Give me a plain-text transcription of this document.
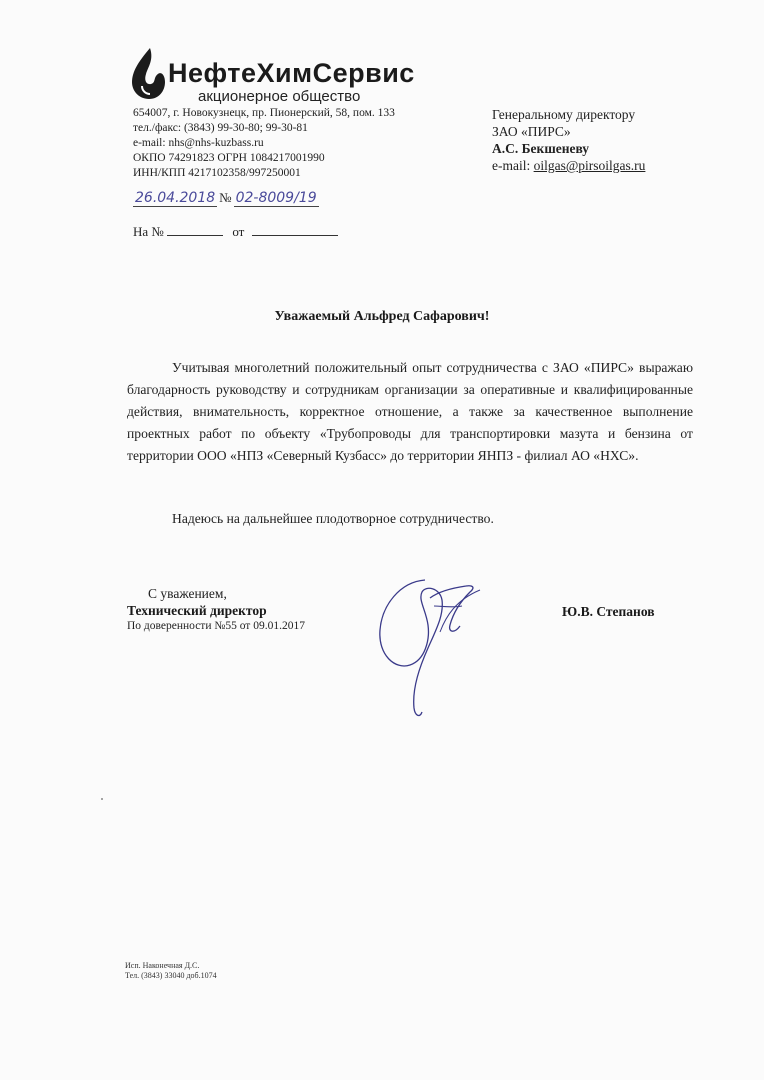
НефтеХимСервис
акционерное общество
654007, г. Новокузнецк, пр. Пионерский, 58, пом. 133
тел./факс: (3843) 99-30-80; 99-30-81
e-mail: nhs@nhs-kuzbass.ru
ОКПО 74291823 ОГРН 1084217001990
ИНН/КПП 4217102358/997250001
Генеральному директору
ЗАО «ПИРС»
А.С. Бекшеневу
e-mail: oilgas@pirsoilgas.ru
26.04.2018 № 02-8009/19
На №	от
Уважаемый Альфред Сафарович!
Учитывая многолетний положительный опыт сотрудничества с ЗАО «ПИРС» выражаю благодарность руководству и сотрудникам организации за оперативные и квалифицированные действия, внимательность, корректное отношение, а также за качественное выполнение проектных работ по объекту «Трубопроводы для транспортировки мазута и бензина от территории ООО «НПЗ «Северный Кузбасс» до территории ЯНПЗ - филиал АО «НХС».
Надеюсь на дальнейшее плодотворное сотрудничество.
С уважением,
Технический директор
По доверенности №55 от 09.01.2017
Ю.В. Степанов
Исп. Наконечная Д.С.
Тел. (3843) 33040 доб.1074
